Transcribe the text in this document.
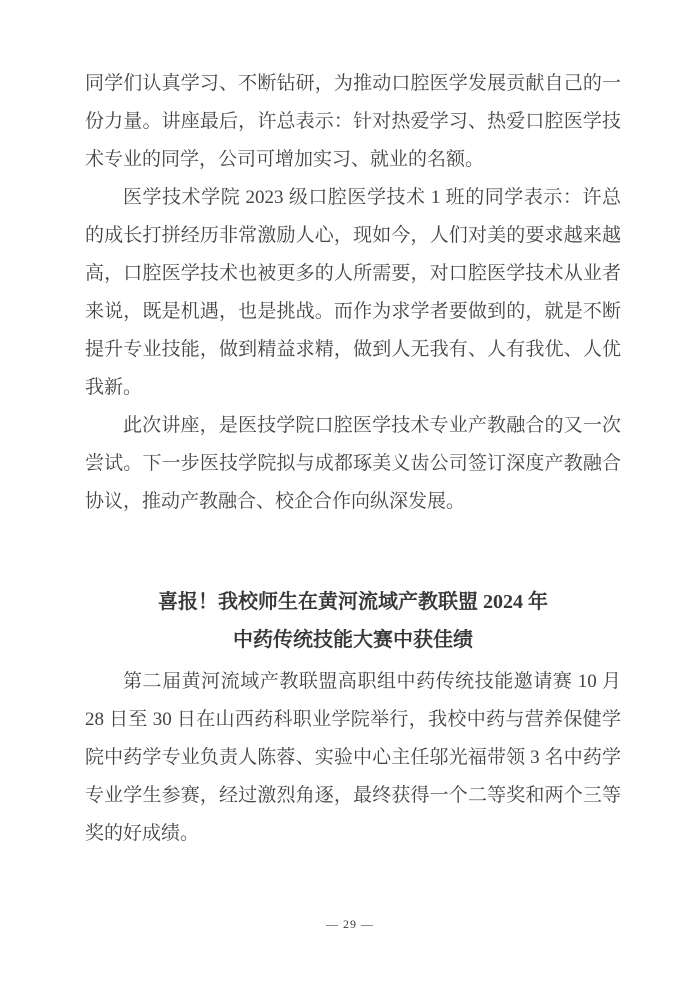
同学们认真学习、不断钻研，为推动口腔医学发展贡献自己的一份力量。讲座最后，许总表示：针对热爱学习、热爱口腔医学技术专业的同学，公司可增加实习、就业的名额。

医学技术学院 2023 级口腔医学技术 1 班的同学表示：许总的成长打拼经历非常激励人心，现如今，人们对美的要求越来越高，口腔医学技术也被更多的人所需要，对口腔医学技术从业者来说，既是机遇，也是挑战。而作为求学者要做到的，就是不断提升专业技能，做到精益求精，做到人无我有、人有我优、人优我新。

此次讲座，是医技学院口腔医学技术专业产教融合的又一次尝试。下一步医技学院拟与成都琢美义齿公司签订深度产教融合协议，推动产教融合、校企合作向纵深发展。

喜报！我校师生在黄河流域产教联盟 2024 年
中药传统技能大赛中获佳绩

第二届黄河流域产教联盟高职组中药传统技能邀请赛 10 月 28 日至 30 日在山西药科职业学院举行，我校中药与营养保健学院中药学专业负责人陈蓉、实验中心主任邬光福带领 3 名中药学专业学生参赛，经过激烈角逐，最终获得一个二等奖和两个三等奖的好成绩。

— 29 —
